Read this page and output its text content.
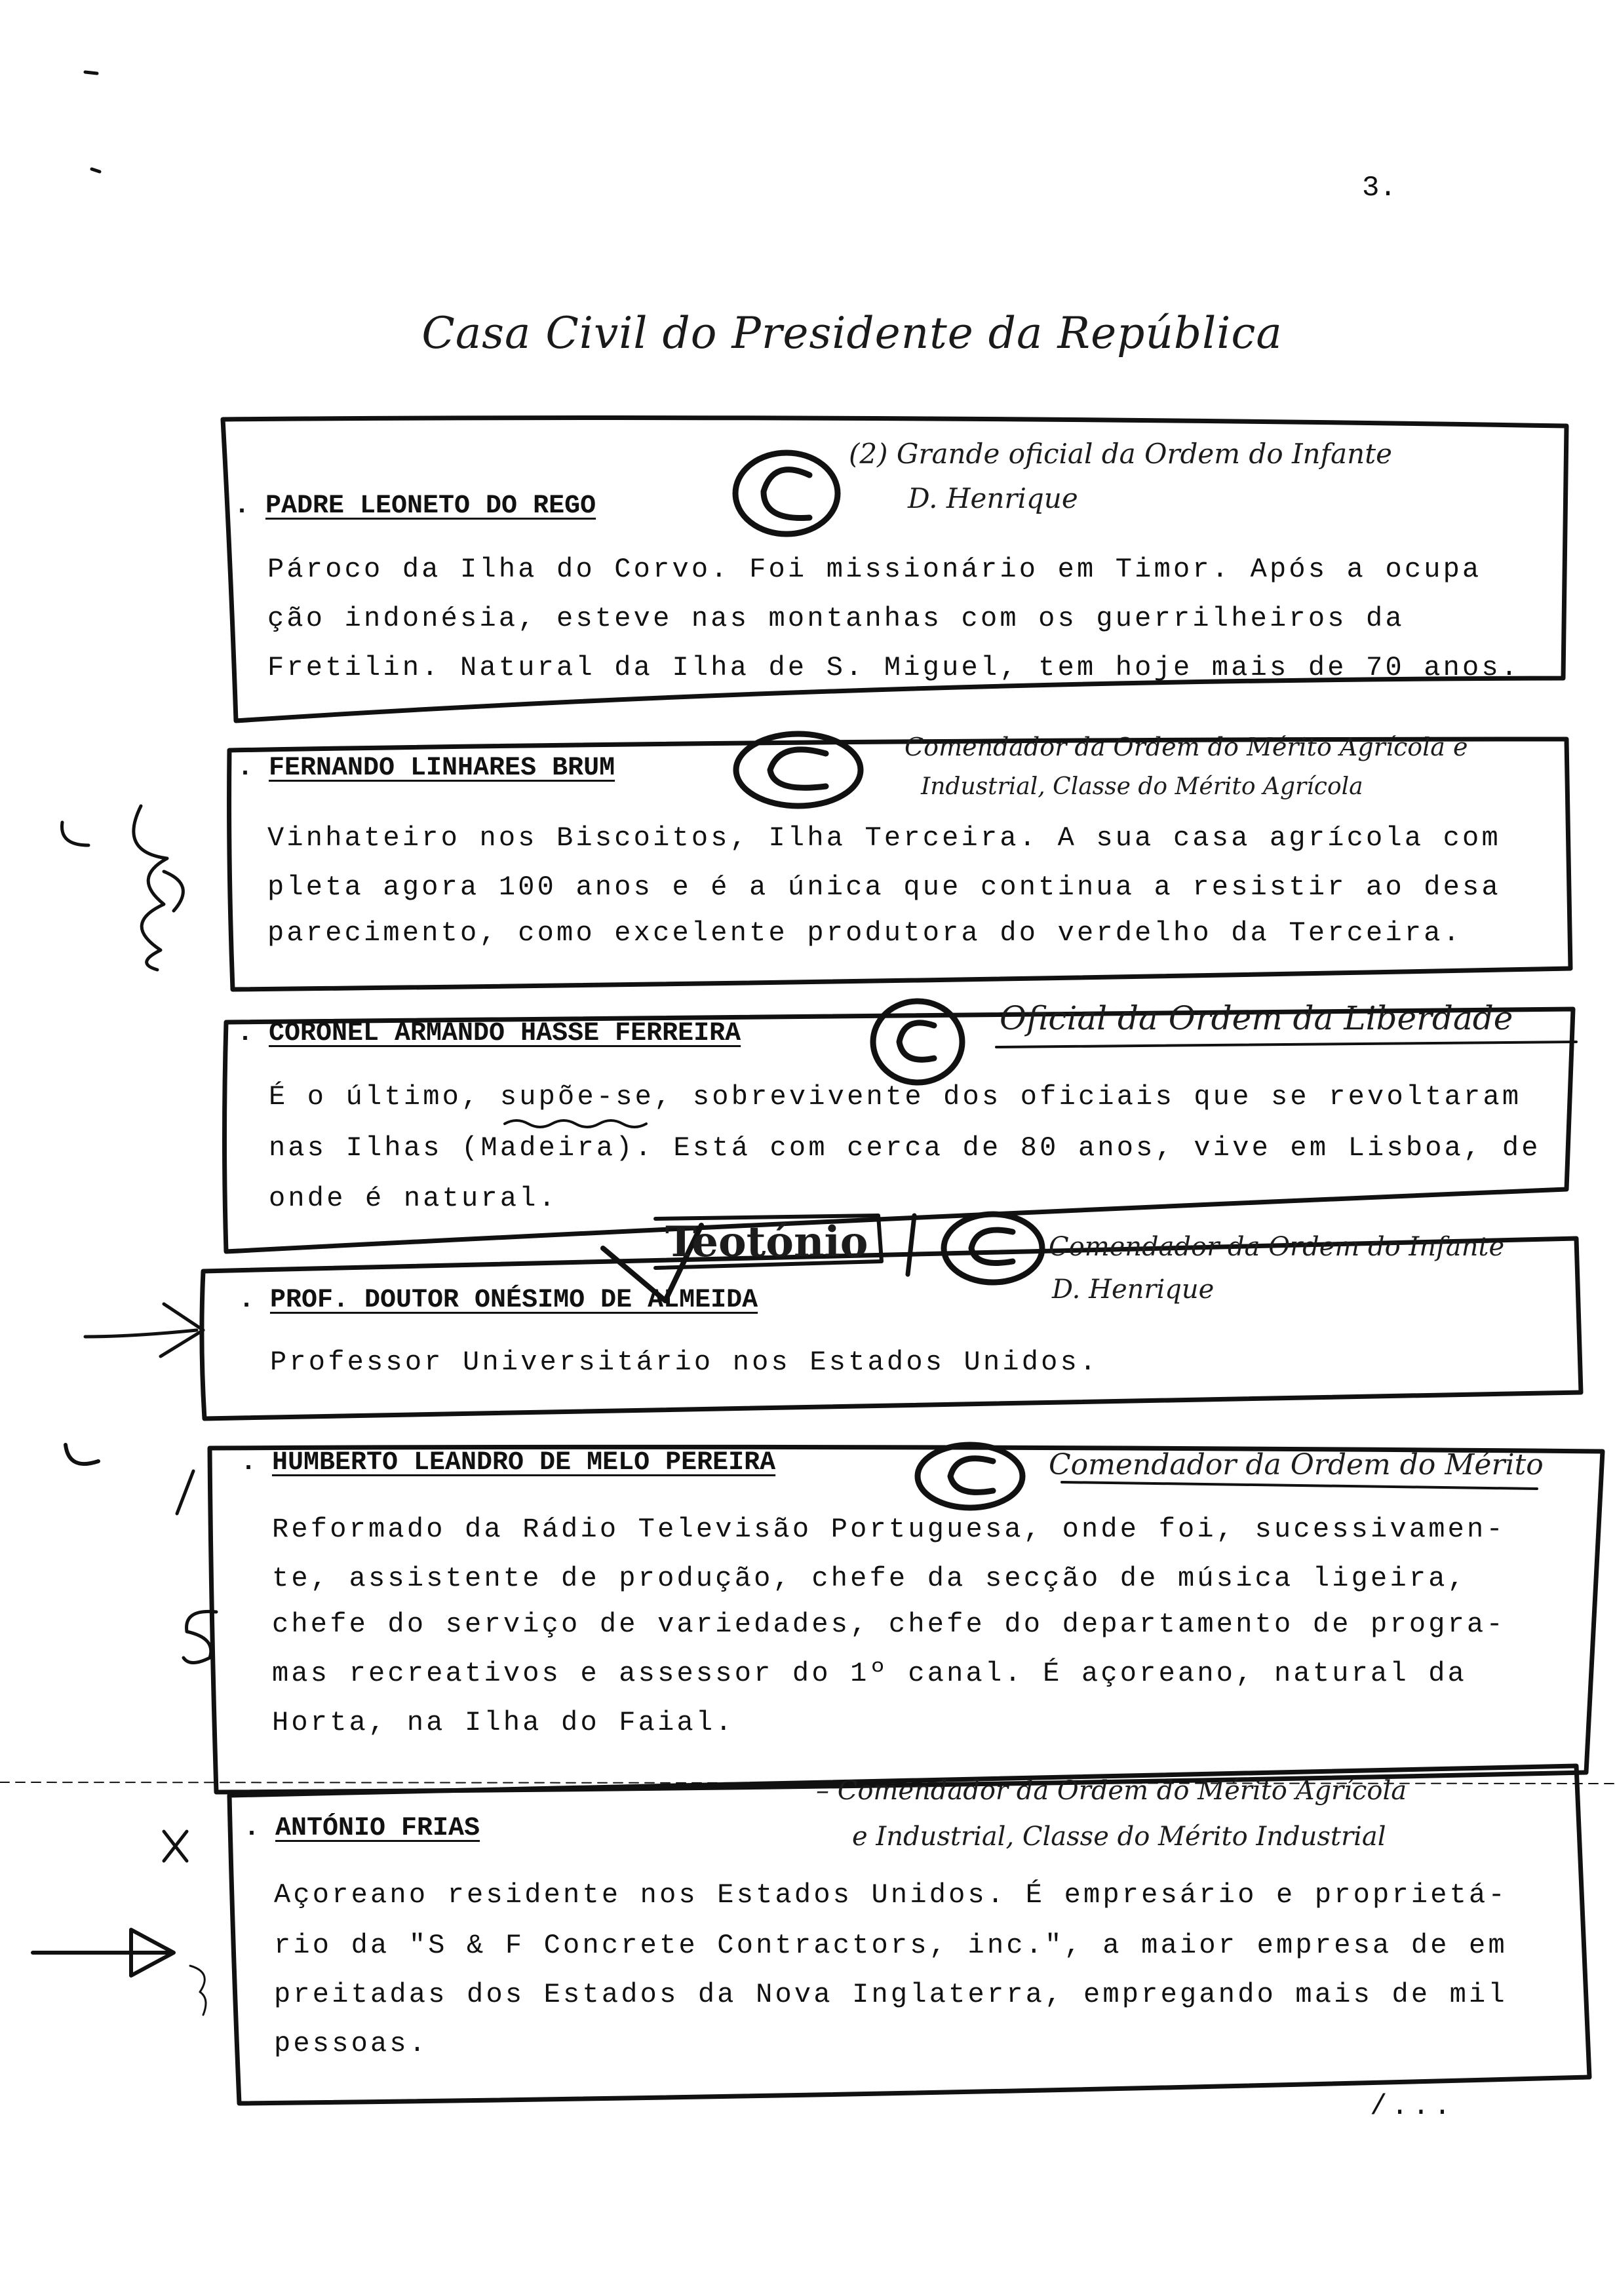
3.
Casa Civil do Presidente da República
. PADRE LEONETO DO REGO
(2) Grande oficial da Ordem do Infante
D. Henrique
Pároco da Ilha do Corvo. Foi missionário em Timor. Após a ocupa
ção indonésia, esteve nas montanhas com os guerrilheiros da
Fretilin. Natural da Ilha de S. Miguel, tem hoje mais de 70 anos.
. FERNANDO LINHARES BRUM
Comendador da Ordem do Mérito Agrícola e
Industrial, Classe do Mérito Agrícola
Vinhateiro nos Biscoitos, Ilha Terceira. A sua casa agrícola com
pleta agora 100 anos e é a única que continua a resistir ao desa
parecimento, como excelente produtora do verdelho da Terceira.
. CORONEL ARMANDO HASSE FERREIRA	Oficial da Ordem da Liberdade
É o último, supõe-se, sobrevivente dos oficiais que se revoltaram
nas Ilhas (Madeira). Está com cerca de 80 anos, vive em Lisboa, de
onde é natural.
Teotónio	Comendador da Ordem do Infante
D. Henrique
. PROF. DOUTOR ONÉSIMO DE ALMEIDA
Professor Universitário nos Estados Unidos.
. HUMBERTO LEANDRO DE MELO PEREIRA	Comendador da Ordem do Mérito
Reformado da Rádio Televisão Portuguesa, onde foi, sucessivamen-
te, assistente de produção, chefe da secção de música ligeira,
chefe do serviço de variedades, chefe do departamento de progra-
mas recreativos e assessor do 1º canal. É açoreano, natural da
Horta, na Ilha do Faial.
. ANTÓNIO FRIAS
– Comendador da Ordem do Mérito Agrícola
e Industrial, Classe do Mérito Industrial
Açoreano residente nos Estados Unidos. É empresário e proprietá-
rio da "S & F Concrete Contractors, inc.", a maior empresa de em
preitadas dos Estados da Nova Inglaterra, empregando mais de mil
pessoas.
/...
